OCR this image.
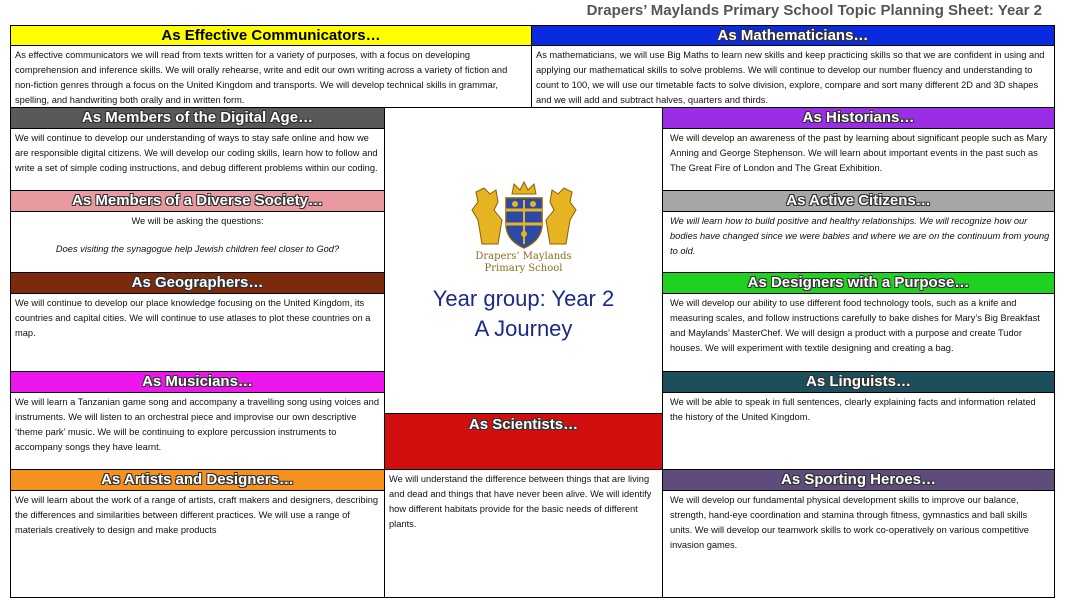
Drapers’ Maylands Primary School Topic Planning Sheet: Year 2
As Effective Communicators…
As effective communicators we will read from texts written for a variety of purposes, with a focus on developing comprehension and inference skills. We will orally rehearse, write and edit our own writing across a variety of fiction and non-fiction genres through a focus on the United Kingdom and transports. We will develop technical skills in grammar, spelling, and handwriting both orally and in written form.
As Mathematicians…
As mathematicians, we will use Big Maths to learn new skills and keep practicing skills so that we are confident in using and applying our mathematical skills to solve problems. We will continue to develop our number fluency and understanding to count to 100, we will use our timetable facts to solve division, explore, compare and sort many different 2D and 3D shapes and we will add and subtract halves, quarters and thirds.
As Members of the Digital Age…
We will continue to develop our understanding of ways to stay safe online and how we are responsible digital citizens. We will develop our coding skills, learn how to follow and write a set of simple coding instructions, and debug different problems within our coding.
As Members of a Diverse Society…
We will be asking the questions:
Does visiting the synagogue help Jewish children feel closer to God?
As Geographers…
We will continue to develop our place knowledge focusing on the United Kingdom, its countries and capital cities. We will continue to use atlases to plot these countries on a map.
As Musicians…
We will learn a Tanzanian game song and accompany a travelling song using voices and instruments. We will listen to an orchestral piece and improvise our own descriptive ‘theme park’ music. We will be continuing to explore percussion instruments to accompany songs they have learnt.
As Artists and Designers…
We will learn about the work of a range of artists, craft makers and designers, describing the differences and similarities between different practices. We will use a range of materials creatively to design and make products
Drapers’ Maylands
Primary School
Year group: Year 2
A Journey
As Scientists…
We will understand the difference between things that are living and dead and things that have never been alive. We will identify how different habitats provide for the basic needs of different plants.
As Historians…
We will develop an awareness of the past by learning about significant people such as Mary Anning and George Stephenson. We will learn about important events in the past such as The Great Fire of London and The Great Exhibition.
As Active Citizens…
We will learn how to build positive and healthy relationships. We will recognize how our bodies have changed since we were babies and where we are on the continuum from young to old.
As Designers with a Purpose…
We will develop our ability to use different food technology tools, such as a knife and measuring scales, and follow instructions carefully to bake dishes for Mary’s Big Breakfast and Maylands’ MasterChef. We will design a product with a purpose and create Tudor houses. We will experiment with textile designing and creating a bag.
As Linguists…
We will be able to speak in full sentences, clearly explaining facts and information related the history of the United Kingdom.
As Sporting Heroes…
We will develop our fundamental physical development skills to improve our balance, strength, hand-eye coordination and stamina through fitness, gymnastics and ball skills units. We will develop our teamwork skills to work co-operatively on various competitive invasion games.
